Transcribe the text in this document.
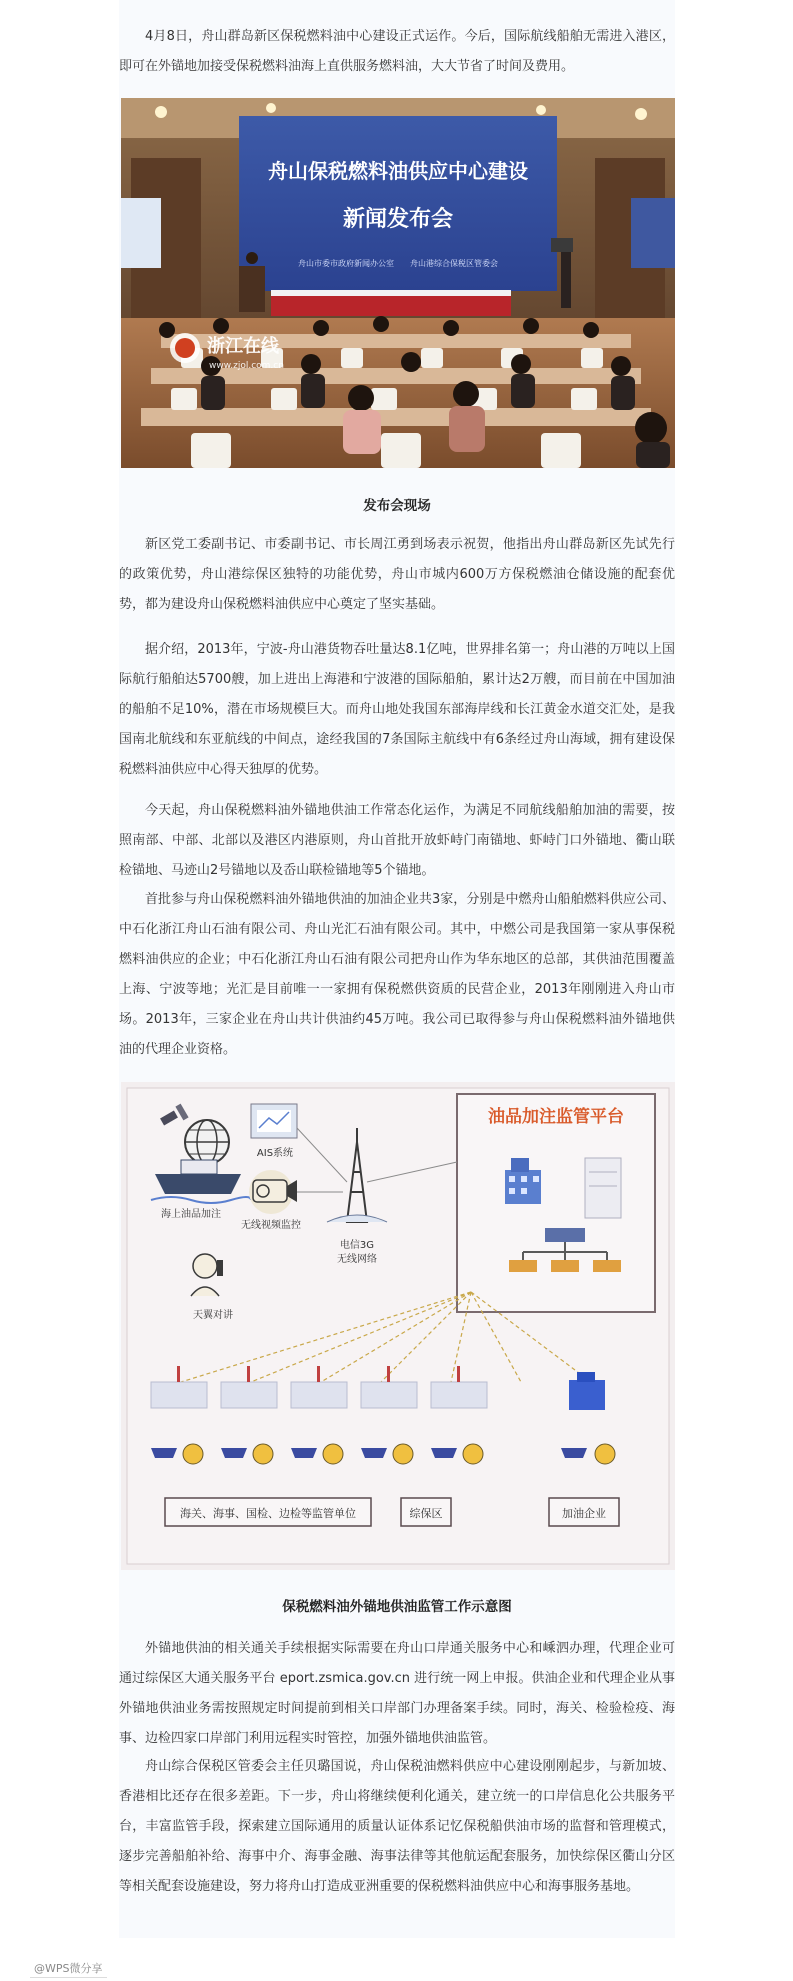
4月8日，舟山群岛新区保税燃料油中心建设正式运作。今后，国际航线船舶无需进入港区，即可在外锚地加接受保税燃料油海上直供服务燃料油，大大节省了时间及费用。

舟山保税燃料油供应中心建设
新闻发布会
舟山市委市政府新闻办公室　　舟山港综合保税区管委会
浙江在线
www.zjol.com.cn
发布会现场

新区党工委副书记、市委副书记、市长周江勇到场表示祝贺，他指出舟山群岛新区先试先行的政策优势，舟山港综保区独特的功能优势，舟山市城内600万方保税燃油仓储设施的配套优势，都为建设舟山保税燃料油供应中心奠定了坚实基础。

据介绍，2013年，宁波-舟山港货物吞吐量达8.1亿吨，世界排名第一；舟山港的万吨以上国际航行船舶达5700艘，加上进出上海港和宁波港的国际船舶，累计达2万艘，而目前在中国加油的船舶不足10%，潜在市场规模巨大。而舟山地处我国东部海岸线和长江黄金水道交汇处，是我国南北航线和东亚航线的中间点，途经我国的7条国际主航线中有6条经过舟山海域，拥有建设保税燃料油供应中心得天独厚的优势。

今天起，舟山保税燃料油外锚地供油工作常态化运作，为满足不同航线船舶加油的需要，按照南部、中部、北部以及港区内港原则，舟山首批开放虾峙门南锚地、虾峙门口外锚地、衢山联检锚地、马迹山2号锚地以及岙山联检锚地等5个锚地。

首批参与舟山保税燃料油外锚地供油的加油企业共3家，分别是中燃舟山船舶燃料供应公司、中石化浙江舟山石油有限公司、舟山光汇石油有限公司。其中，中燃公司是我国第一家从事保税燃料油供应的企业；中石化浙江舟山石油有限公司把舟山作为华东地区的总部，其供油范围覆盖上海、宁波等地；光汇是目前唯一一家拥有保税燃供资质的民营企业，2013年刚刚进入舟山市场。2013年，三家企业在舟山共计供油约45万吨。我公司已取得参与舟山保税燃料油外锚地供油的代理企业资格。

油品加注监管平台
海上油品加注
AIS系统
无线视频监控
电信3G
无线网络
天翼对讲
海关、海事、国检、边检等监管单位	综保区	加油企业
保税燃料油外锚地供油监管工作示意图

外锚地供油的相关通关手续根据实际需要在舟山口岸通关服务中心和嵊泗办理，代理企业可通过综保区大通关服务平台 eport.zsmica.gov.cn 进行统一网上申报。供油企业和代理企业从事外锚地供油业务需按照规定时间提前到相关口岸部门办理备案手续。同时，海关、检验检疫、海事、边检四家口岸部门利用远程实时管控，加强外锚地供油监管。

舟山综合保税区管委会主任贝璐国说，舟山保税油燃料供应中心建设刚刚起步，与新加坡、香港相比还存在很多差距。下一步，舟山将继续便利化通关，建立统一的口岸信息化公共服务平台，丰富监管手段，探索建立国际通用的质量认证体系记忆保税船供油市场的监督和管理模式，逐步完善船舶补给、海事中介、海事金融、海事法律等其他航运配套服务，加快综保区衢山分区等相关配套设施建设，努力将舟山打造成亚洲重要的保税燃料油供应中心和海事服务基地。

@WPS微分享
